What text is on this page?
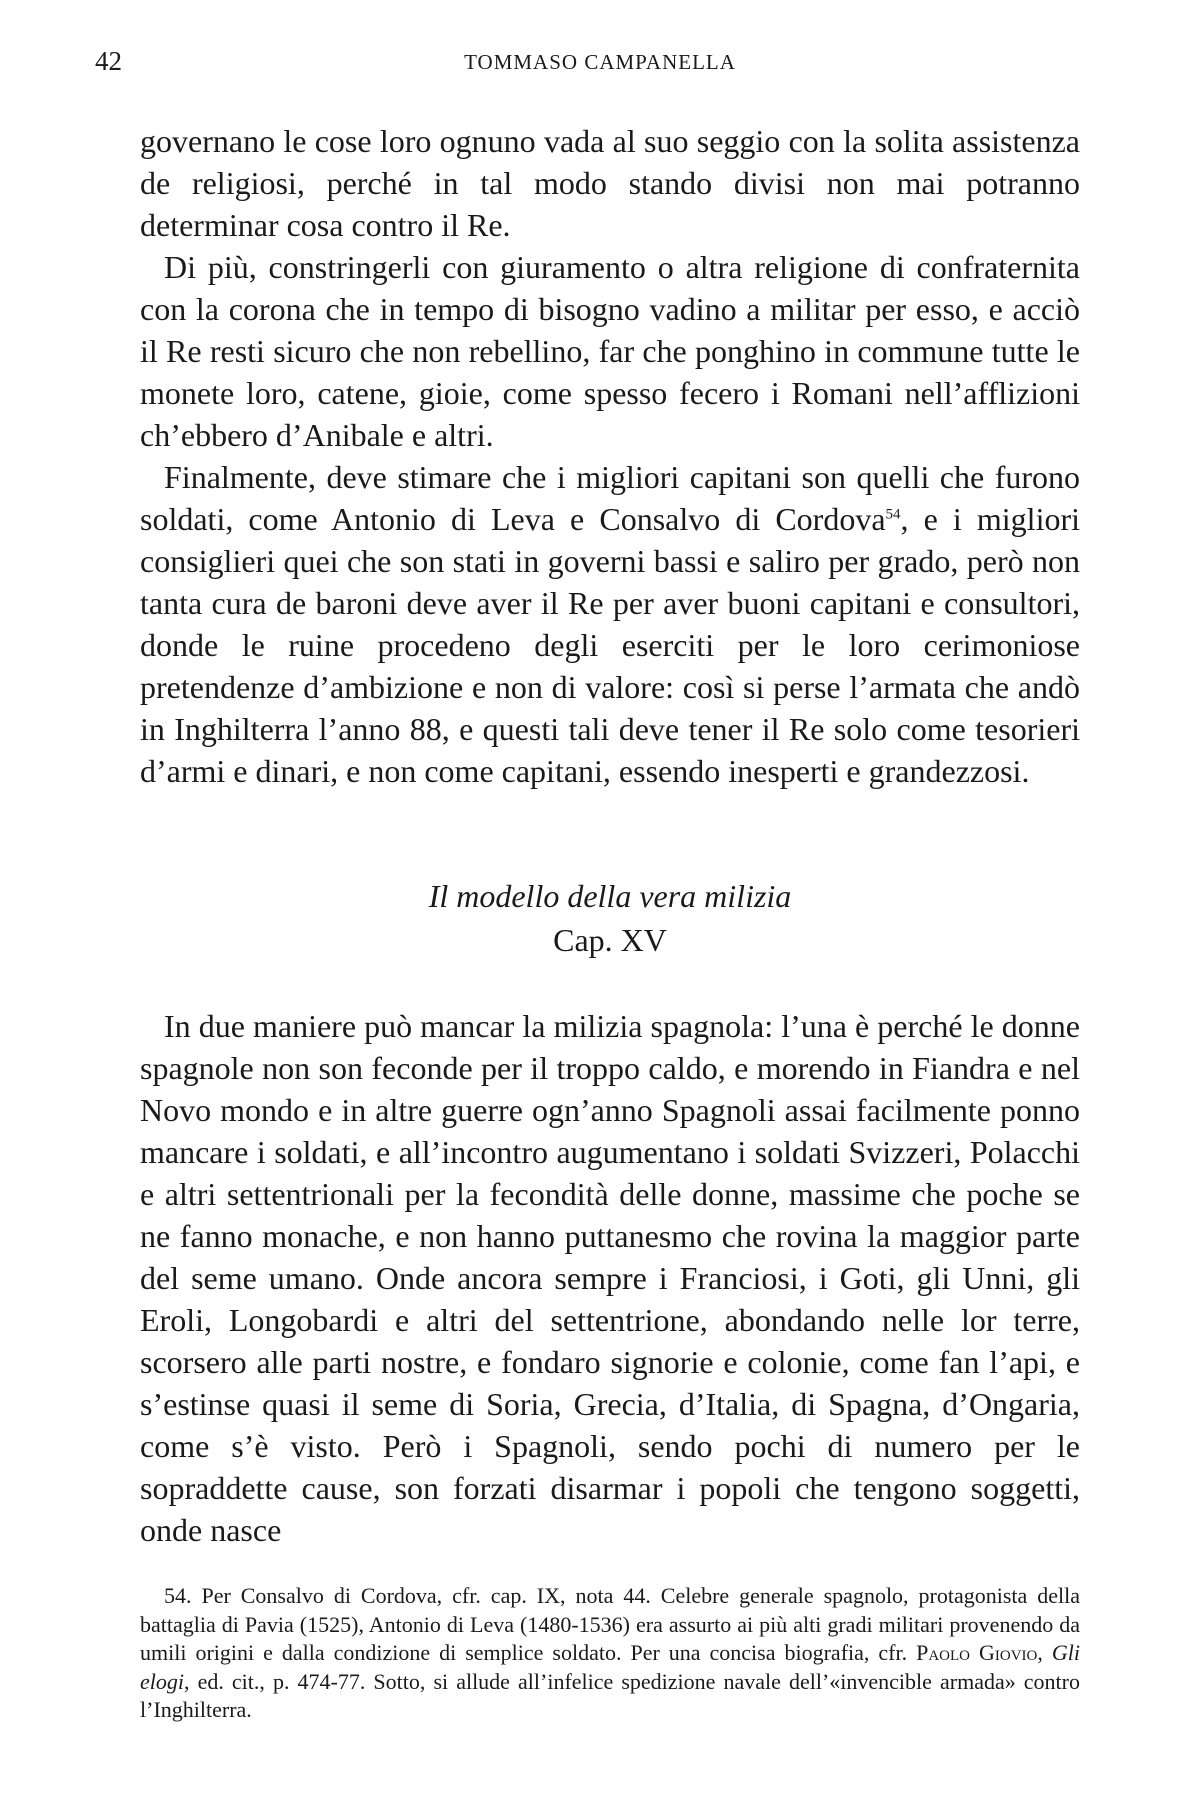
42	TOMMASO CAMPANELLA

governano le cose loro ognuno vada al suo seggio con la solita assistenza de religiosi, perché in tal modo stando divisi non mai potranno determinar cosa contro il Re.

Di più, constringerli con giuramento o altra religione di confraternita con la corona che in tempo di bisogno vadino a militar per esso, e acciò il Re resti sicuro che non rebellino, far che ponghino in commune tutte le monete loro, catene, gioie, come spesso fecero i Romani nell’afflizioni ch’ebbero d’Anibale e altri.

Finalmente, deve stimare che i migliori capitani son quelli che furono soldati, come Antonio di Leva e Consalvo di Cordova$^{54}$, e i migliori consiglieri quei che son stati in governi bassi e saliro per grado, però non tanta cura de baroni deve aver il Re per aver buoni capitani e consultori, donde le ruine procedeno degli eserciti per le loro cerimoniose pretendenze d’ambizione e non di valore: così si perse l’armata che andò in Inghilterra l’anno 88, e questi tali deve tener il Re solo come tesorieri d’armi e dinari, e non come capitani, essendo inesperti e grandezzosi.

Il modello della vera milizia
Cap. XV

In due maniere può mancar la milizia spagnola: l’una è perché le donne spagnole non son feconde per il troppo caldo, e morendo in Fiandra e nel Novo mondo e in altre guerre ogn’anno Spagnoli assai facilmente ponno mancare i soldati, e all’incontro augumentano i soldati Svizzeri, Polacchi e altri settentrionali per la fecondità delle donne, massime che poche se ne fanno monache, e non hanno puttanesmo che rovina la maggior parte del seme umano. Onde ancora sempre i Franciosi, i Goti, gli Unni, gli Eroli, Longobardi e altri del settentrione, abondando nelle lor terre, scorsero alle parti nostre, e fondaro signorie e colonie, come fan l’api, e s’estinse quasi il seme di Soria, Grecia, d’Italia, di Spagna, d’Ongaria, come s’è visto. Però i Spagnoli, sendo pochi di numero per le sopraddette cause, son forzati disarmar i popoli che tengono soggetti, onde nasce

54. Per Consalvo di Cordova, cfr. cap. IX, nota 44. Celebre generale spagnolo, protagonista della battaglia di Pavia (1525), Antonio di Leva (1480-1536) era assurto ai più alti gradi militari provenendo da umili origini e dalla condizione di semplice soldato. Per una concisa biografia, cfr. Paolo Giovio, Gli elogi, ed. cit., p. 474-77. Sotto, si allude all’infelice spedizione navale dell’«invencible armada» contro l’Inghilterra.
